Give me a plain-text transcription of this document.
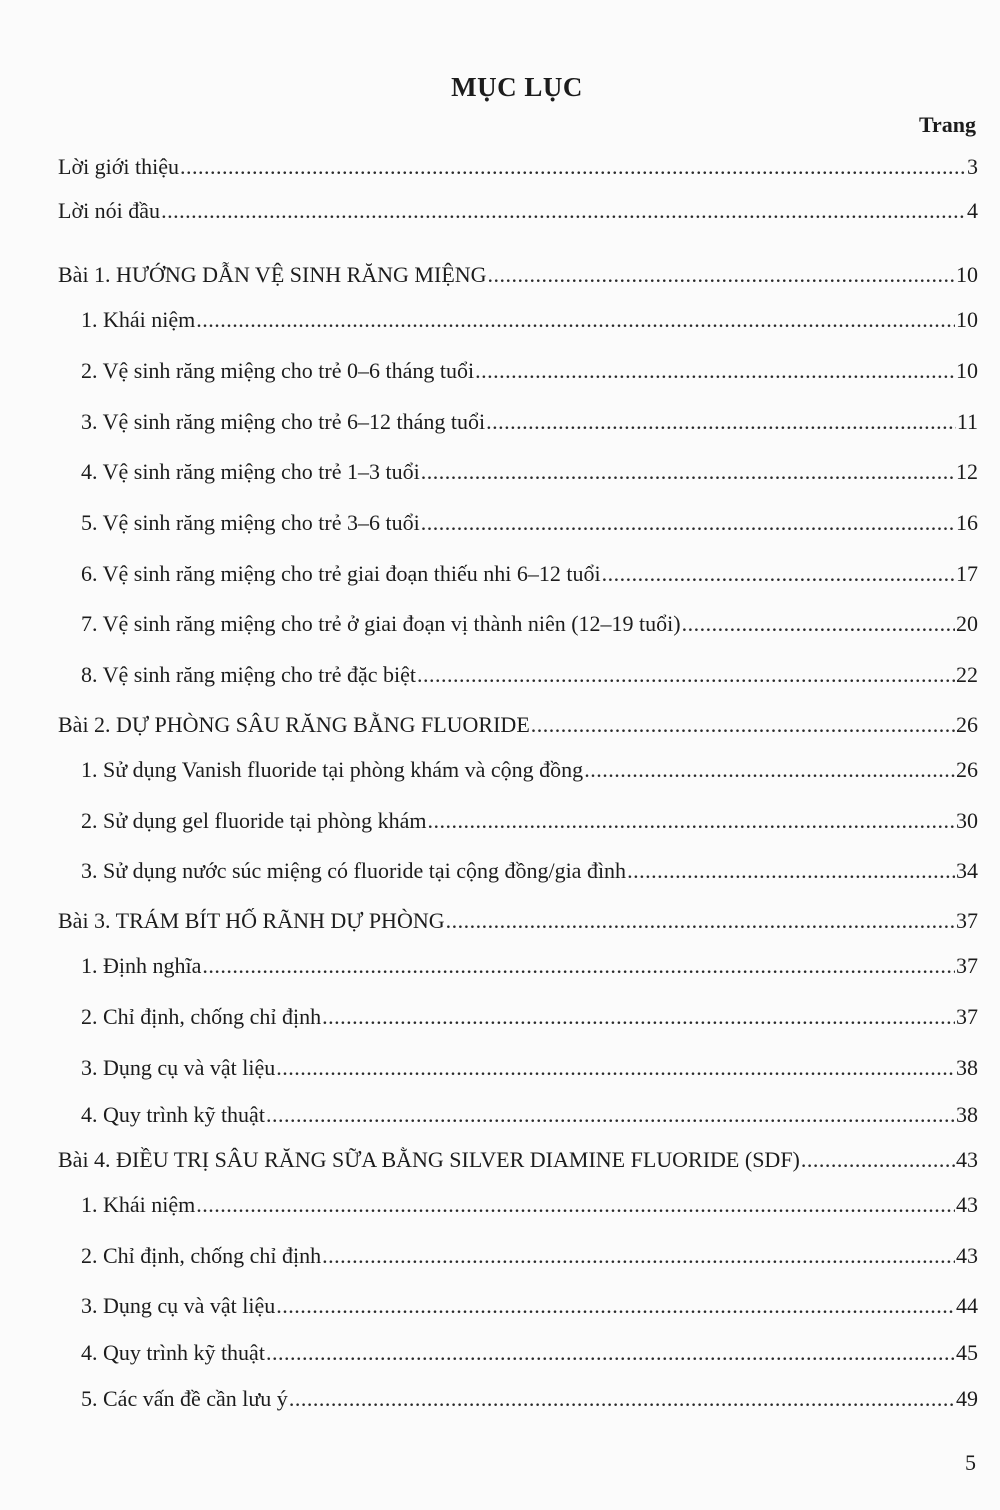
MỤC LỤC
Trang
Lời giới thiệu .....	3
Lời nói đầu .....	4
Bài 1. HƯỚNG DẪN VỆ SINH RĂNG MIỆNG .....	10
1. Khái niệm .....	10
2. Vệ sinh răng miệng cho trẻ 0–6 tháng tuổi .....	10
3. Vệ sinh răng miệng cho trẻ 6–12 tháng tuổi .....	11
4. Vệ sinh răng miệng cho trẻ 1–3 tuổi .....	12
5. Vệ sinh răng miệng cho trẻ 3–6 tuổi .....	16
6. Vệ sinh răng miệng cho trẻ giai đoạn thiếu nhi 6–12 tuổi .....	17
7. Vệ sinh răng miệng cho trẻ ở giai đoạn vị thành niên (12–19 tuổi) .....	20
8. Vệ sinh răng miệng cho trẻ đặc biệt .....	22
Bài 2. DỰ PHÒNG SÂU RĂNG BẰNG FLUORIDE .....	26
1. Sử dụng Vanish fluoride tại phòng khám và cộng đồng .....	26
2. Sử dụng gel fluoride tại phòng khám .....	30
3. Sử dụng nước súc miệng có fluoride tại cộng đồng/gia đình .....	34
Bài 3. TRÁM BÍT HỐ RÃNH DỰ PHÒNG .....	37
1. Định nghĩa .....	37
2. Chỉ định, chống chỉ định .....	37
3. Dụng cụ và vật liệu .....	38
4. Quy trình kỹ thuật .....	38
Bài 4. ĐIỀU TRỊ SÂU RĂNG SỮA BẰNG SILVER DIAMINE FLUORIDE (SDF) .....	43
1. Khái niệm .....	43
2. Chỉ định, chống chỉ định .....	43
3. Dụng cụ và vật liệu .....	44
4. Quy trình kỹ thuật .....	45
5. Các vấn đề cần lưu ý .....	49
5
